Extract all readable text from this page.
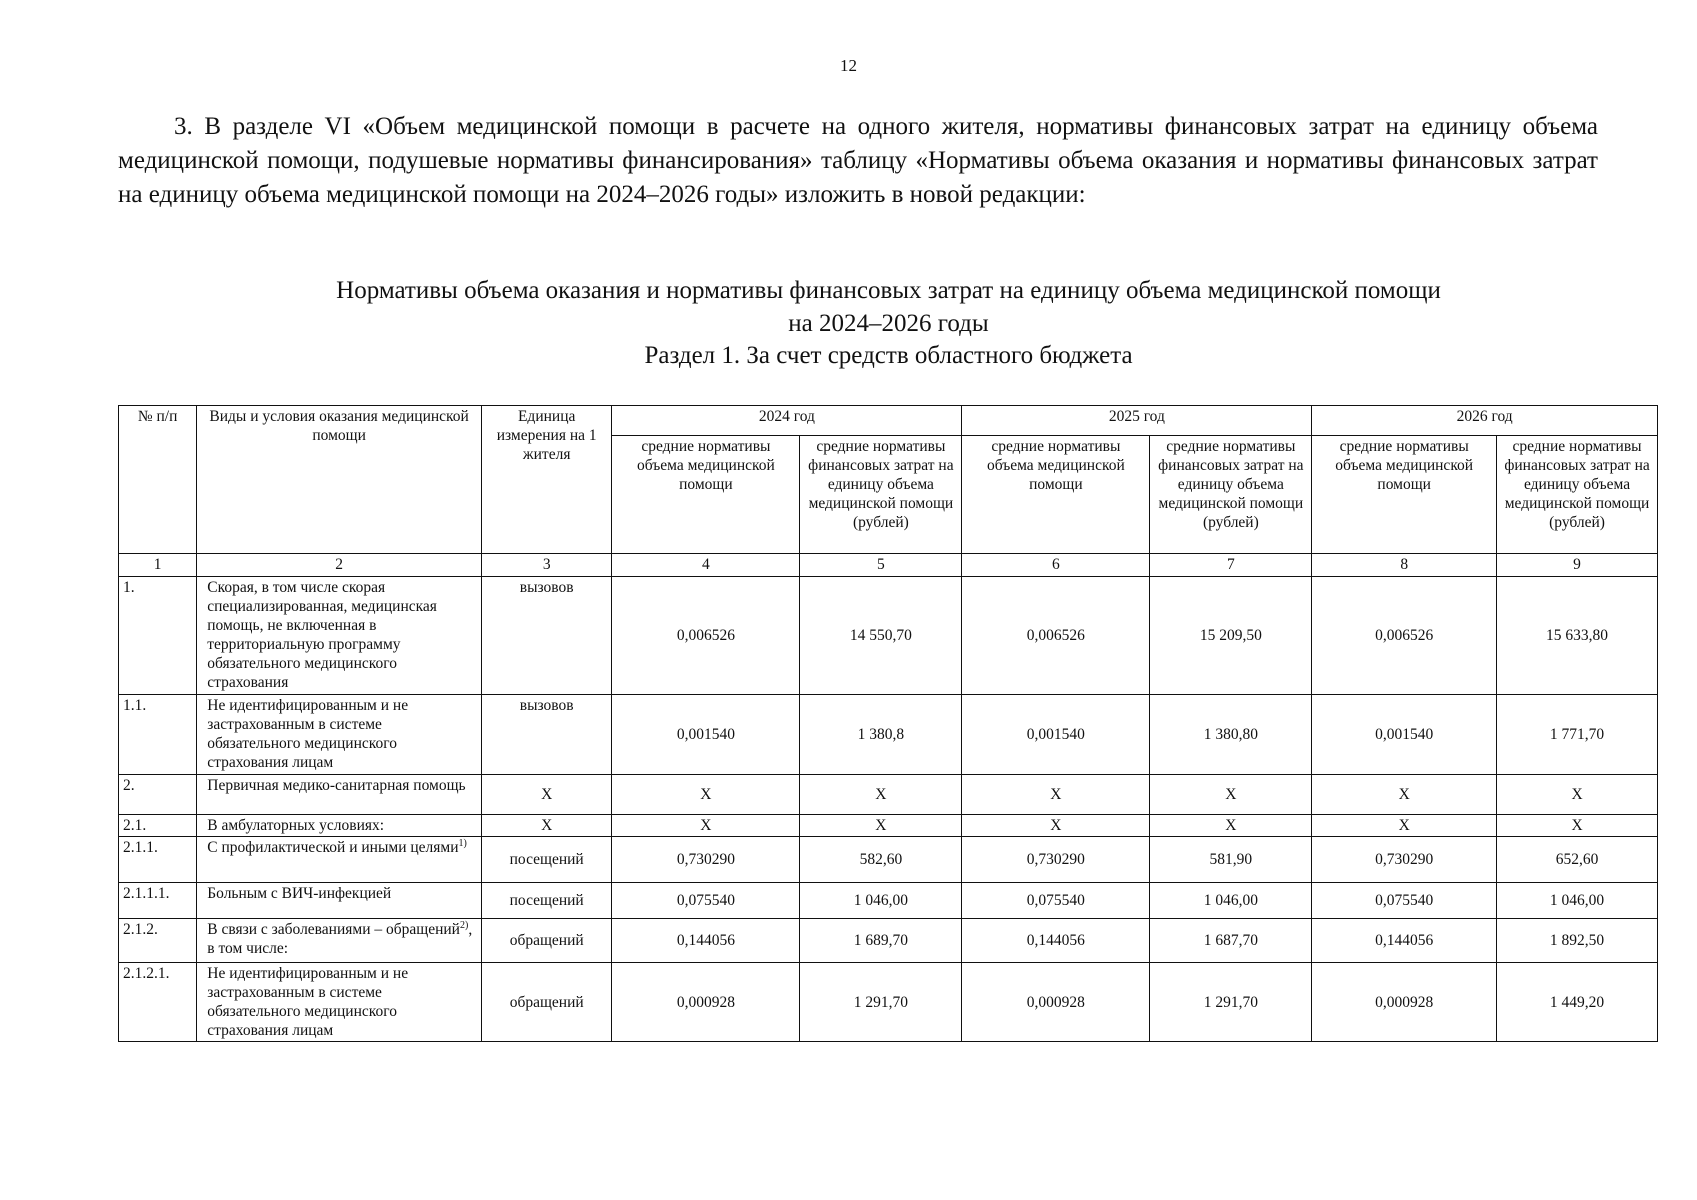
12

3. В разделе VI «Объем медицинской помощи в расчете на одного жителя, нормативы финансовых затрат на единицу объема медицинской помощи, подушевые нормативы финансирования» таблицу «Нормативы объема оказания и нормативы финансовых затрат на единицу объема медицинской помощи на 2024–2026 годы» изложить в новой редакции:

Нормативы объема оказания и нормативы финансовых затрат на единицу объема медицинской помощи
на 2024–2026 годы
Раздел 1. За счет средств областного бюджета
№ п/п	Виды и условия оказания медицинской помощи	Единица измерения на 1 жителя	2024 год		2025 год		2026 год	
			средние нормативы объема медицинской помощи	средние нормативы финансовых затрат на единицу объема медицинской помощи (рублей)	средние нормативы объема медицинской помощи	средние нормативы финансовых затрат на единицу объема медицинской помощи (рублей)	средние нормативы объема медицинской помощи	средние нормативы финансовых затрат на единицу объема медицинской помощи (рублей)
1	2	3	4	5	6	7	8	9
1.	Скорая, в том числе скорая специализированная, медицинская помощь, не включенная в территориальную программу обязательного медицинского страхования	вызовов	0,006526	14 550,70	0,006526	15 209,50	0,006526	15 633,80
1.1.	Не идентифицированным и не застрахованным в системе обязательного медицинского страхования лицам	вызовов	0,001540	1 380,8	0,001540	1 380,80	0,001540	1 771,70
2.	Первичная медико-санитарная помощь	Х	Х	Х	Х	Х	Х	Х
2.1.	В амбулаторных условиях:	Х	Х	Х	Х	Х	Х	Х
2.1.1.	С профилактической и иными целями$^{1)}$	посещений	0,730290	582,60	0,730290	581,90	0,730290	652,60
2.1.1.1.	Больным с ВИЧ-инфекцией	посещений	0,075540	1 046,00	0,075540	1 046,00	0,075540	1 046,00
2.1.2.	В связи с заболеваниями – обращений$^{2)}$, в том числе:	обращений	0,144056	1 689,70	0,144056	1 687,70	0,144056	1 892,50
2.1.2.1.	Не идентифицированным и не застрахованным в системе обязательного медицинского страхования лицам	обращений	0,000928	1 291,70	0,000928	1 291,70	0,000928	1 449,20
